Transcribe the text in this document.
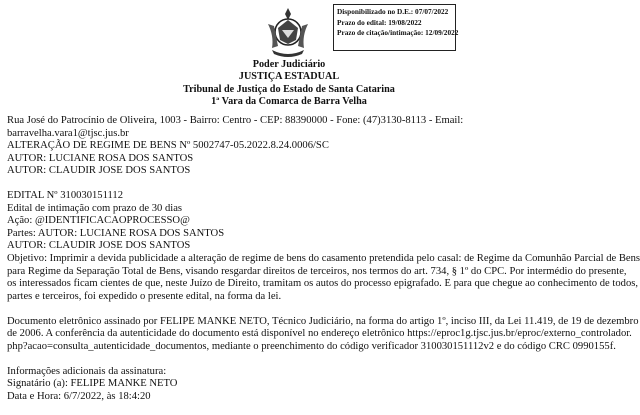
Disponibilizado no D.E.: 07/07/2022
Prazo do edital: 19/08/2022
Prazo de citação/intimação: 12/09/2022
Poder Judiciário
JUSTIÇA ESTADUAL
Tribunal de Justiça do Estado de Santa Catarina
1ª Vara da Comarca de Barra Velha
Rua José do Patrocínio de Oliveira, 1003 - Bairro: Centro - CEP: 88390000 - Fone: (47)3130-8113 - Email:
barravelha.vara1@tjsc.jus.br
ALTERAÇÃO DE REGIME DE BENS Nº 5002747-05.2022.8.24.0006/SC
AUTOR: LUCIANE ROSA DOS SANTOS
AUTOR: CLAUDIR JOSE DOS SANTOS
EDITAL Nº 310030151112
Edital de intimação com prazo de 30 dias
Ação: @IDENTIFICACAOPROCESSO@
Partes: AUTOR: LUCIANE ROSA DOS SANTOS
AUTOR: CLAUDIR JOSE DOS SANTOS
Objetivo: Imprimir a devida publicidade a alteração de regime de bens do casamento pretendida pelo casal: de Regime da Comunhão Parcial de Bens
para Regime da Separação Total de Bens, visando resgardar direitos de terceiros, nos termos do art. 734, § 1º do CPC. Por intermédio do presente,
os interessados ficam cientes de que, neste Juízo de Direito, tramitam os autos do processo epigrafado. E para que chegue ao conhecimento de todos,
partes e terceiros, foi expedido o presente edital, na forma da lei.
Documento eletrônico assinado por FELIPE MANKE NETO, Técnico Judiciário, na forma do artigo 1º, inciso III, da Lei 11.419, de 19 de dezembro
de 2006. A conferência da autenticidade do documento está disponível no endereço eletrônico https://eproc1g.tjsc.jus.br/eproc/externo_controlador.
php?acao=consulta_autenticidade_documentos, mediante o preenchimento do código verificador 310030151112v2 e do código CRC 0990155f.
Informações adicionais da assinatura:
Signatário (a): FELIPE MANKE NETO
Data e Hora: 6/7/2022, às 18:4:20
